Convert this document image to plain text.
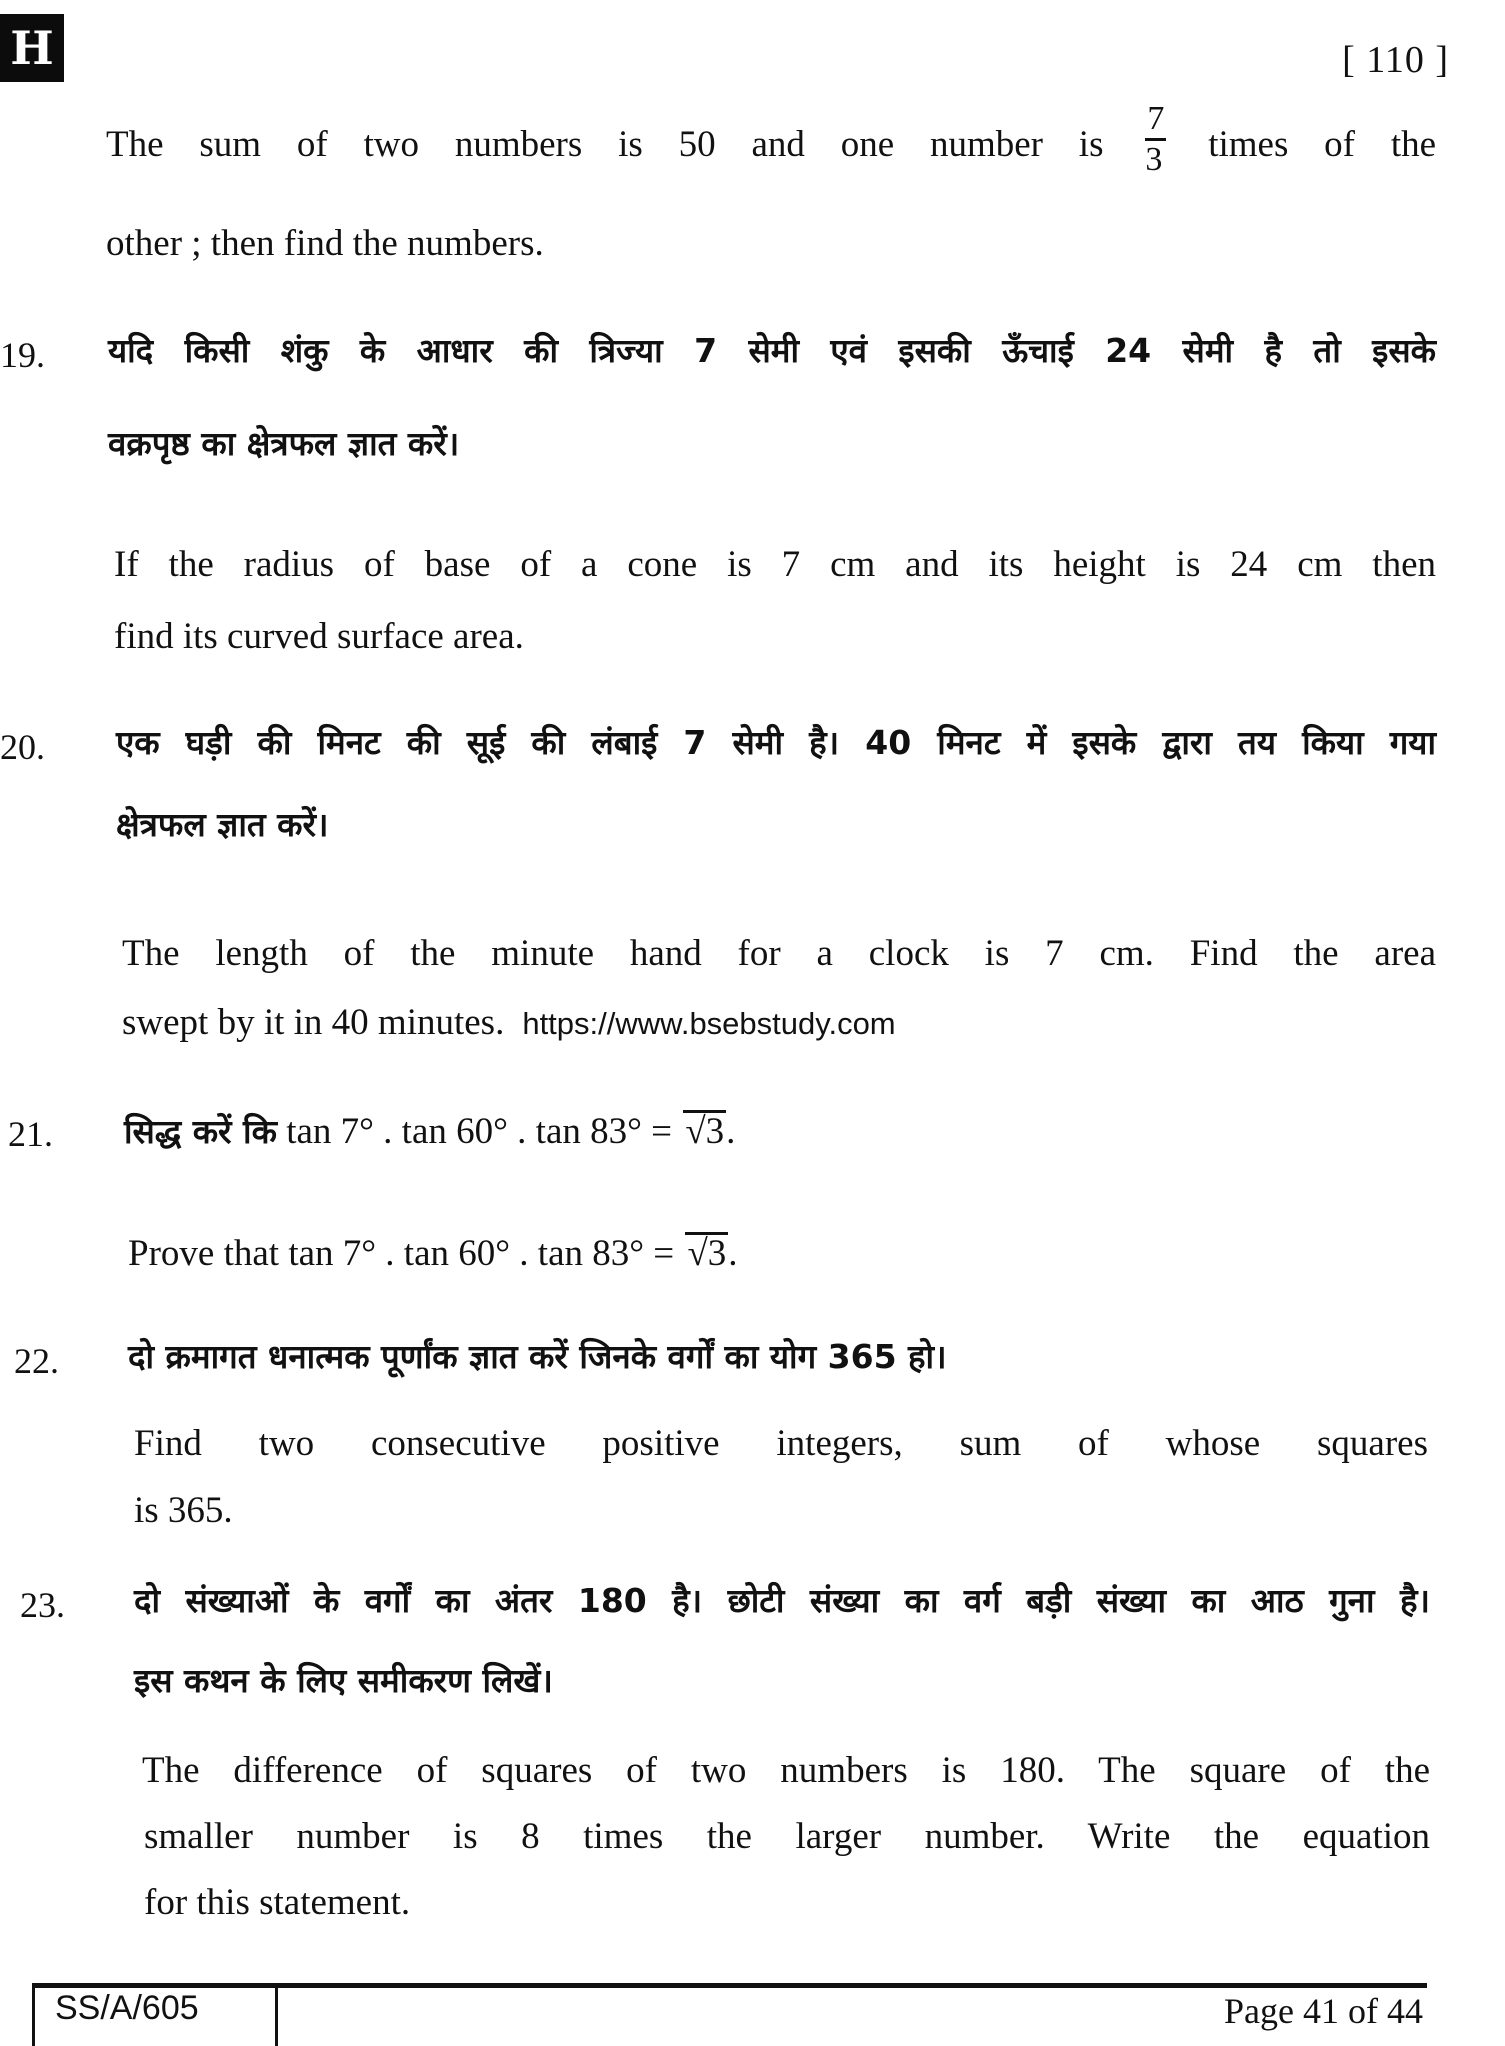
H	[ 110 ]
The sum of two numbers is 50 and one number is $\frac{7}{3}$ times of the
other ; then find the numbers.
19. यदि किसी शंकु के आधार की त्रिज्या 7 सेमी एवं इसकी ऊँचाई 24 सेमी है तो इसके
वक्रपृष्ठ का क्षेत्रफल ज्ञात करें।
If the radius of base of a cone is 7 cm and its height is 24 cm then
find its curved surface area.
20. एक घड़ी की मिनट की सूई की लंबाई 7 सेमी है। 40 मिनट में इसके द्वारा तय किया गया
क्षेत्रफल ज्ञात करें।
The length of the minute hand for a clock is 7 cm. Find the area
swept by it in 40 minutes. https://www.bsebstudy.com
21. सिद्ध करें कि tan 7° . tan 60° . tan 83° = √3.
Prove that tan 7° . tan 60° . tan 83° = √3.
22. दो क्रमागत धनात्मक पूर्णांक ज्ञात करें जिनके वर्गों का योग 365 हो।
Find two consecutive positive integers, sum of whose squares
is 365.
23. दो संख्याओं के वर्गों का अंतर 180 है। छोटी संख्या का वर्ग बड़ी संख्या का आठ गुना है।
इस कथन के लिए समीकरण लिखें।
The difference of squares of two numbers is 180. The square of the
smaller number is 8 times the larger number. Write the equation
for this statement.
SS/A/605	Page 41 of 44
